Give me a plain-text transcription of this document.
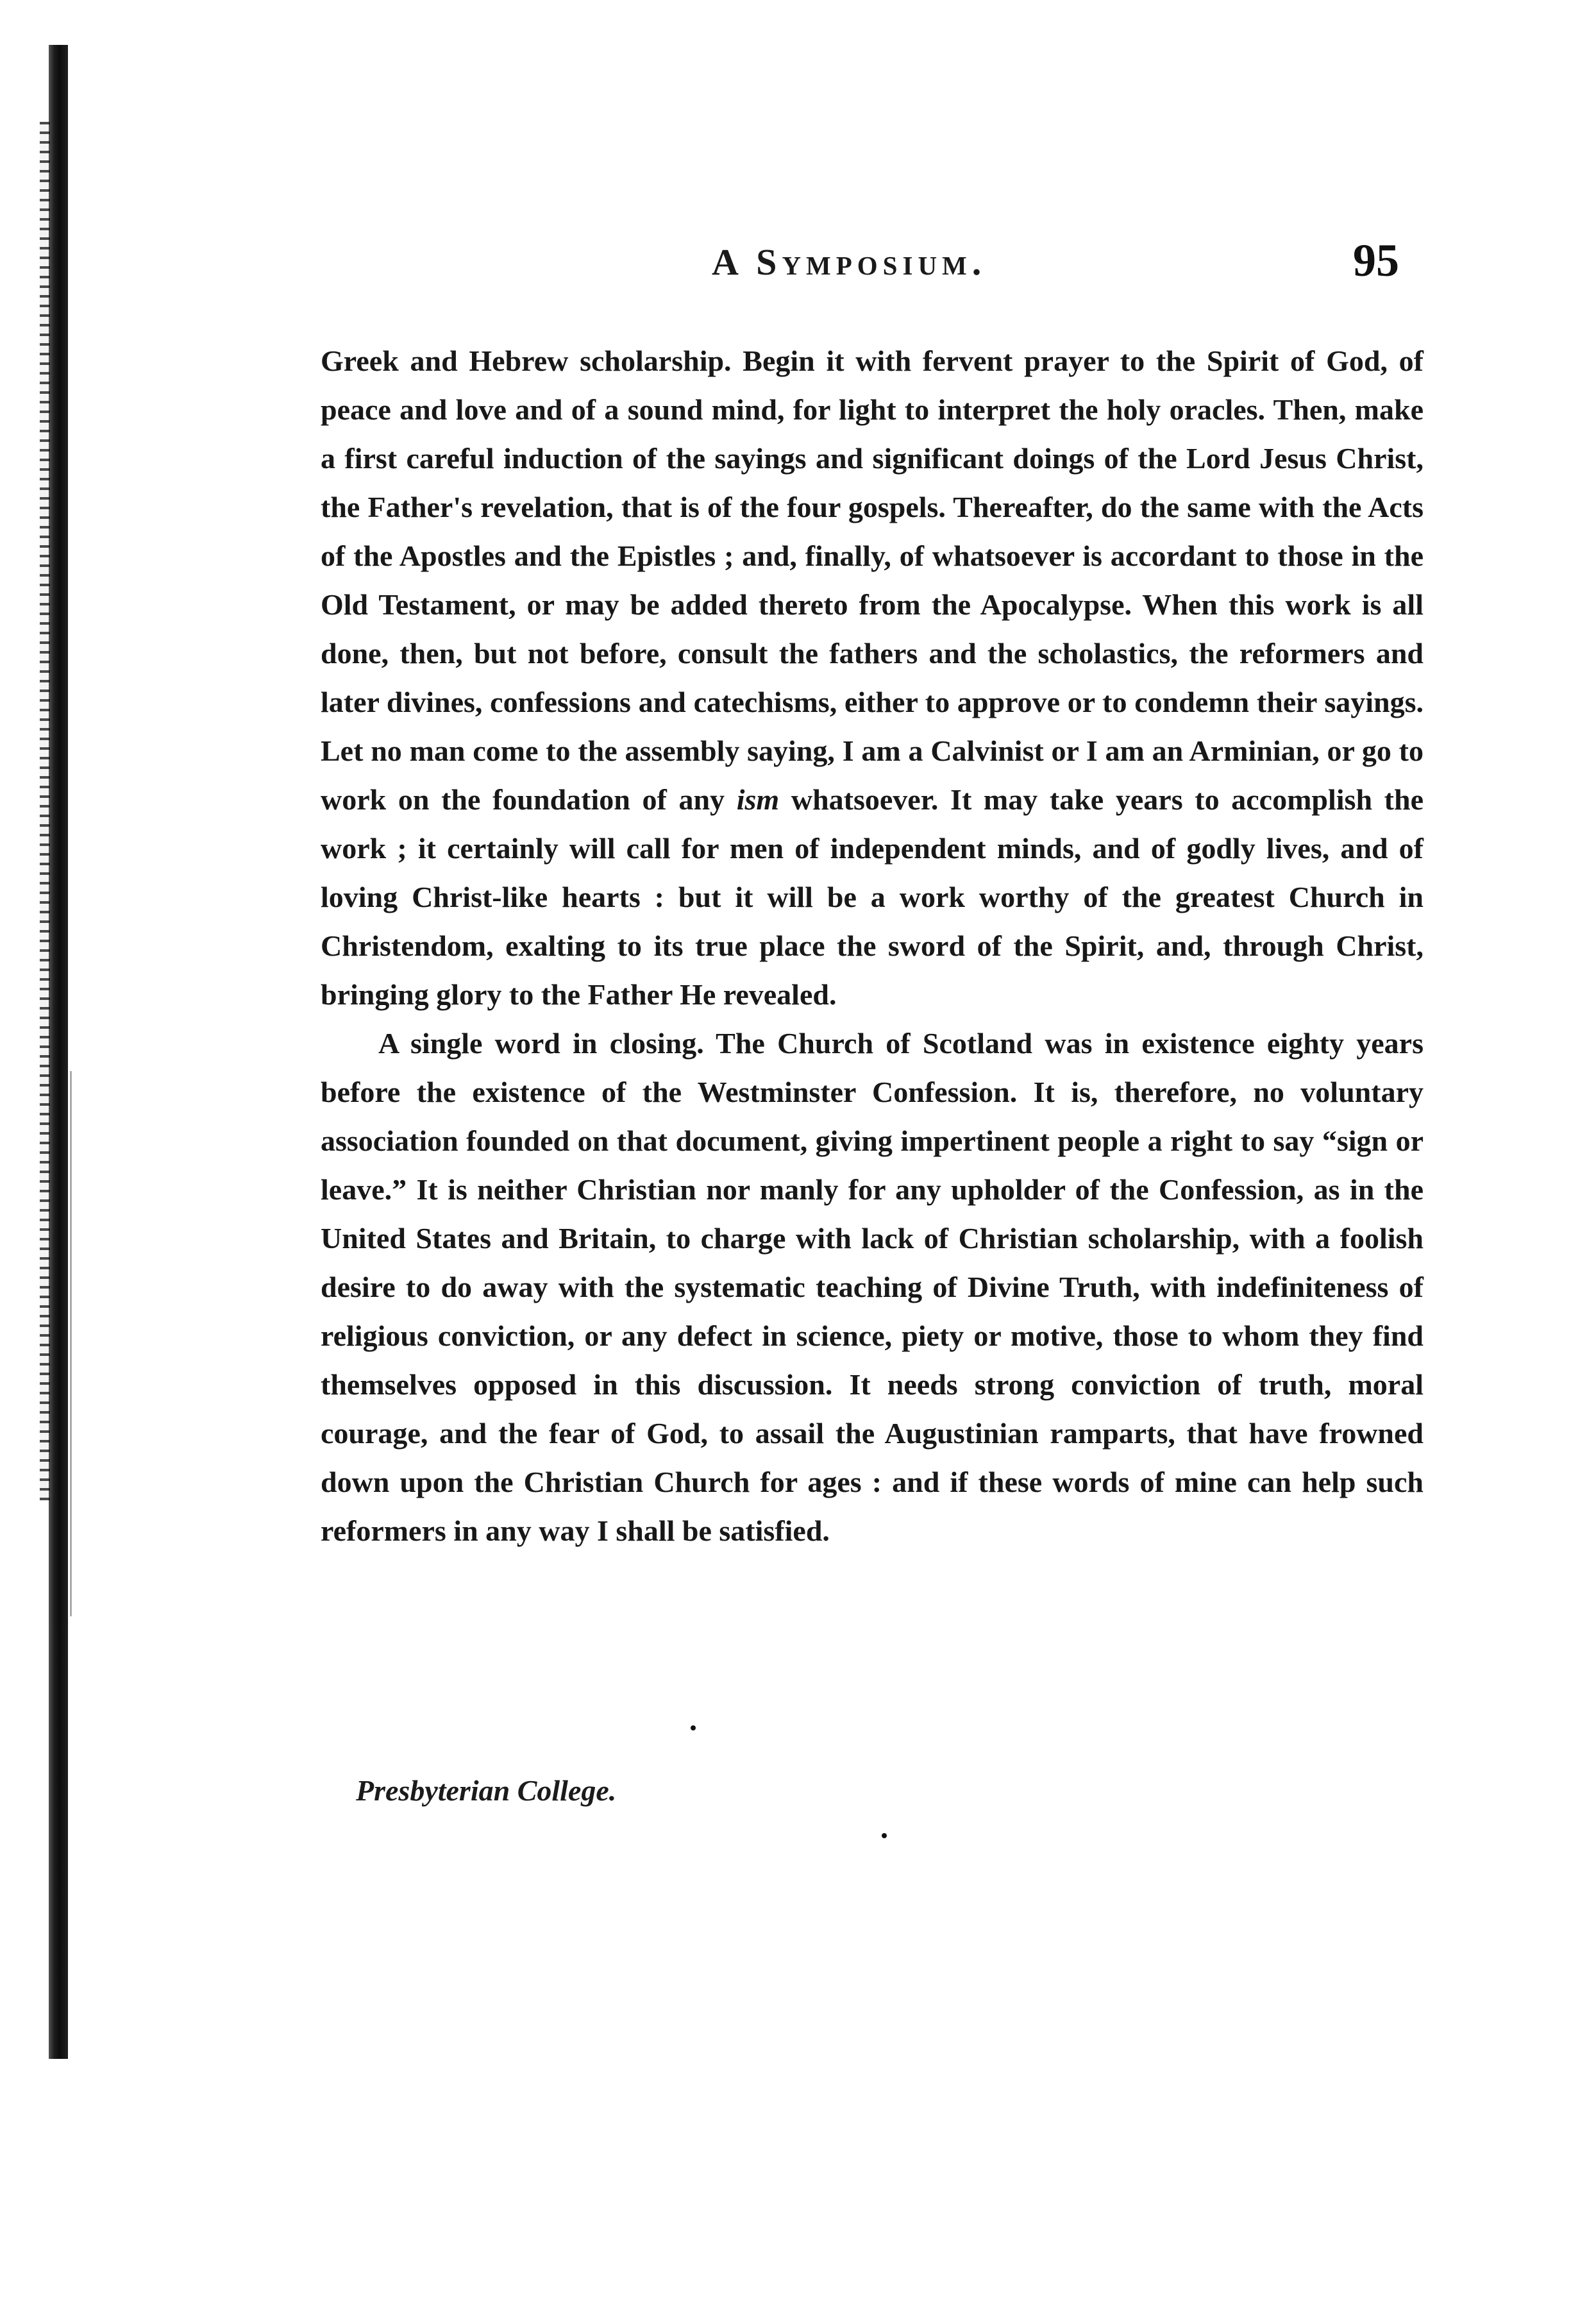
A Symposium.	95

Greek and Hebrew scholarship. Begin it with fervent prayer to the Spirit of God, of peace and love and of a sound mind, for light to interpret the holy oracles. Then, make a first careful induction of the sayings and significant doings of the Lord Jesus Christ, the Father's revelation, that is of the four gospels. Thereafter, do the same with the Acts of the Apostles and the Epistles ; and, finally, of whatsoever is accordant to those in the Old Testament, or may be added thereto from the Apocalypse. When this work is all done, then, but not before, consult the fathers and the scholastics, the reformers and later divines, confessions and catechisms, either to approve or to condemn their sayings. Let no man come to the assembly saying, I am a Calvinist or I am an Arminian, or go to work on the foundation of any ism whatsoever. It may take years to accomplish the work ; it certainly will call for men of independent minds, and of godly lives, and of loving Christ-like hearts : but it will be a work worthy of the greatest Church in Christendom, exalting to its true place the sword of the Spirit, and, through Christ, bringing glory to the Father He revealed.

A single word in closing. The Church of Scotland was in existence eighty years before the existence of the Westminster Confession. It is, therefore, no voluntary association founded on that document, giving impertinent people a right to say “sign or leave.” It is neither Christian nor manly for any upholder of the Confession, as in the United States and Britain, to charge with lack of Christian scholarship, with a foolish desire to do away with the systematic teaching of Divine Truth, with indefiniteness of religious conviction, or any defect in science, piety or motive, those to whom they find themselves opposed in this discussion. It needs strong conviction of truth, moral courage, and the fear of God, to assail the Augustinian ramparts, that have frowned down upon the Christian Church for ages : and if these words of mine can help such reformers in any way I shall be satisfied.

Presbyterian College.
